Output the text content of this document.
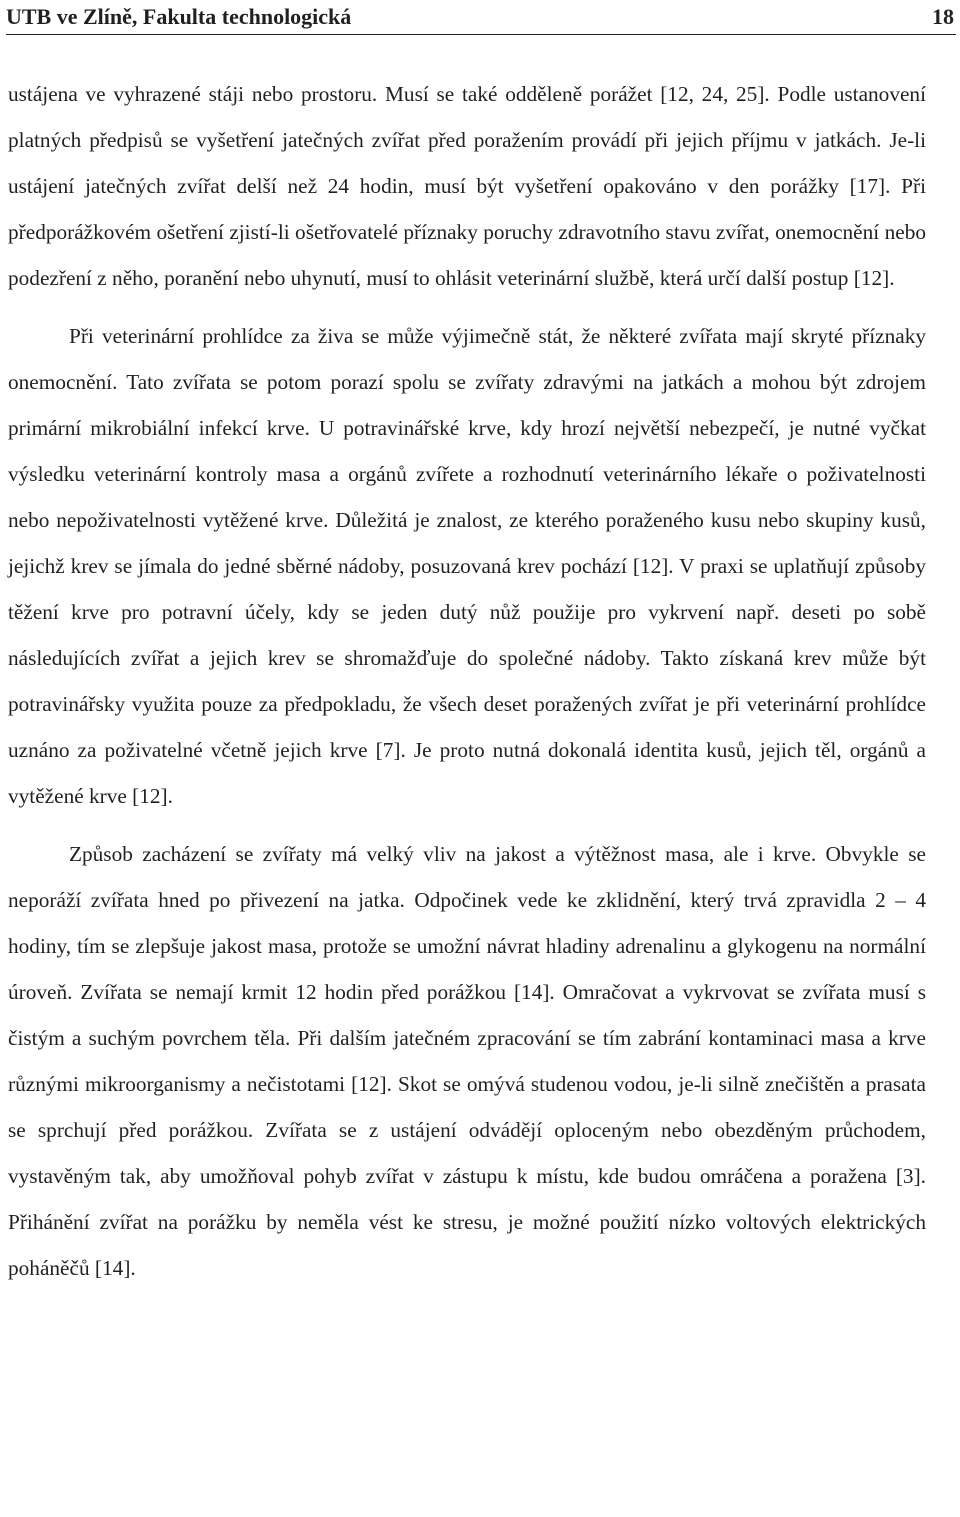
UTB ve Zlíně, Fakulta technologická	18

ustájena ve vyhrazené stáji nebo prostoru. Musí se také odděleně porážet [12, 24, 25]. Podle ustanovení platných předpisů se vyšetření jatečných zvířat před poražením provádí při jejich příjmu v jatkách. Je-li ustájení jatečných zvířat delší než 24 hodin, musí být vyšetření opakováno v den porážky [17]. Při předporážkovém ošetření zjistí-li ošetřovatelé příznaky poruchy zdravotního stavu zvířat, onemocnění nebo podezření z něho, poranění nebo uhynutí, musí to ohlásit veterinární službě, která určí další postup [12].

Při veterinární prohlídce za živa se může výjimečně stát, že některé zvířata mají skryté příznaky onemocnění. Tato zvířata se potom porazí spolu se zvířaty zdravými na jatkách a mohou být zdrojem primární mikrobiální infekcí krve. U potravinářské krve, kdy hrozí největší nebezpečí, je nutné vyčkat výsledku veterinární kontroly masa a orgánů zvířete a rozhodnutí veterinárního lékaře o poživatelnosti nebo nepoživatelnosti vytěžené krve. Důležitá je znalost, ze kterého poraženého kusu nebo skupiny kusů, jejichž krev se jímala do jedné sběrné nádoby, posuzovaná krev pochází [12]. V praxi se uplatňují způsoby těžení krve pro potravní účely, kdy se jeden dutý nůž použije pro vykrvení např. deseti po sobě následujících zvířat a jejich krev se shromažďuje do společné nádoby. Takto získaná krev může být potravinářsky využita pouze za předpokladu, že všech deset poražených zvířat je při veterinární prohlídce uznáno za poživatelné včetně jejich krve [7]. Je proto nutná dokonalá identita kusů, jejich těl, orgánů a vytěžené krve [12].

Způsob zacházení se zvířaty má velký vliv na jakost a výtěžnost masa, ale i krve. Obvykle se neporáží zvířata hned po přivezení na jatka. Odpočinek vede ke zklidnění, který trvá zpravidla 2 – 4 hodiny, tím se zlepšuje jakost masa, protože se umožní návrat hladiny adrenalinu a glykogenu na normální úroveň. Zvířata se nemají krmit 12 hodin před porážkou [14]. Omračovat a vykrvovat se zvířata musí s čistým a suchým povrchem těla. Při dalším jatečném zpracování se tím zabrání kontaminaci masa a krve různými mikroorganismy a nečistotami [12]. Skot se omývá studenou vodou, je-li silně znečištěn a prasata se sprchují před porážkou. Zvířata se z ustájení odvádějí oploceným nebo obezděným průchodem, vystavěným tak, aby umožňoval pohyb zvířat v zástupu k místu, kde budou omráčena a poražena [3]. Přihánění zvířat na porážku by neměla vést ke stresu, je možné použití nízko voltových elektrických poháněčů [14].
